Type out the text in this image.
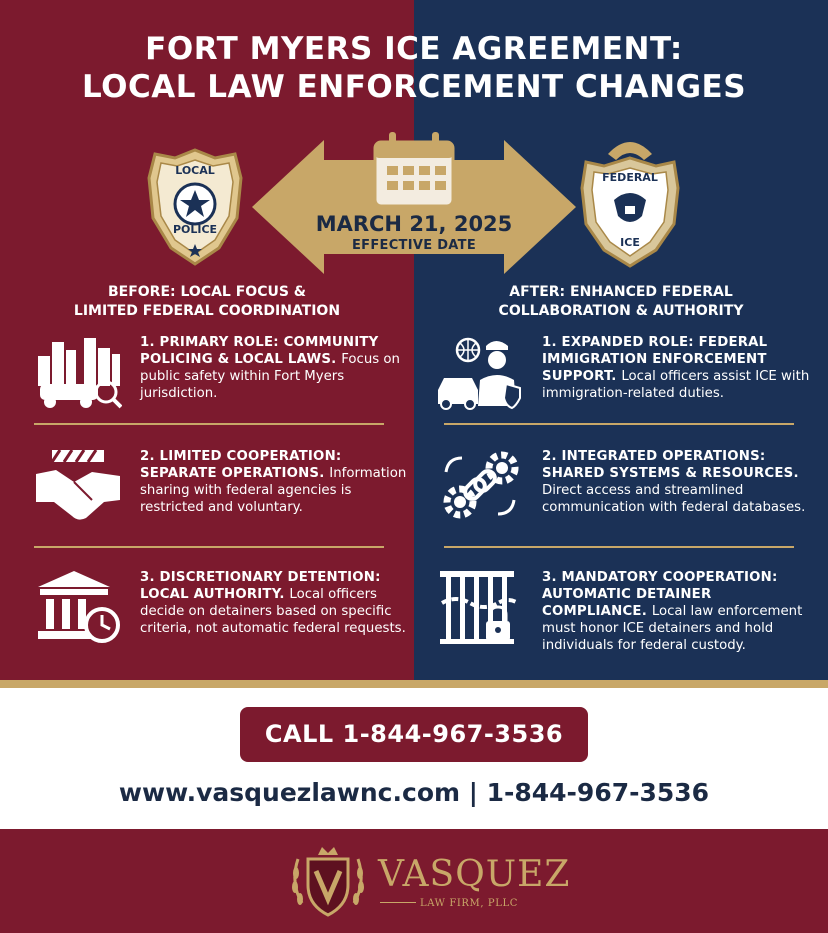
FORT MYERS ICE AGREEMENT:
LOCAL LAW ENFORCEMENT CHANGES
MARCH 21, 2025
EFFECTIVE DATE
LOCAL
POLICE
FEDERAL
ICE
BEFORE: LOCAL FOCUS &
LIMITED FEDERAL COORDINATION
AFTER: ENHANCED FEDERAL
COLLABORATION & AUTHORITY
1. PRIMARY ROLE: COMMUNITY POLICING & LOCAL LAWS. Focus on public safety within Fort Myers jurisdiction.
2. LIMITED COOPERATION: SEPARATE OPERATIONS. Information sharing with federal agencies is restricted and voluntary.
3. DISCRETIONARY DETENTION: LOCAL AUTHORITY. Local officers decide on detainers based on specific criteria, not automatic federal requests.
1. EXPANDED ROLE: FEDERAL IMMIGRATION ENFORCEMENT SUPPORT. Local officers assist ICE with immigration-related duties.
2. INTEGRATED OPERATIONS: SHARED SYSTEMS & RESOURCES. Direct access and streamlined communication with federal databases.
3. MANDATORY COOPERATION: AUTOMATIC DETAINER COMPLIANCE. Local law enforcement must honor ICE detainers and hold individuals for federal custody.
CALL 1-844-967-3536
www.vasquezlawnc.com | 1-844-967-3536
VASQUEZ
LAW FIRM, PLLC
